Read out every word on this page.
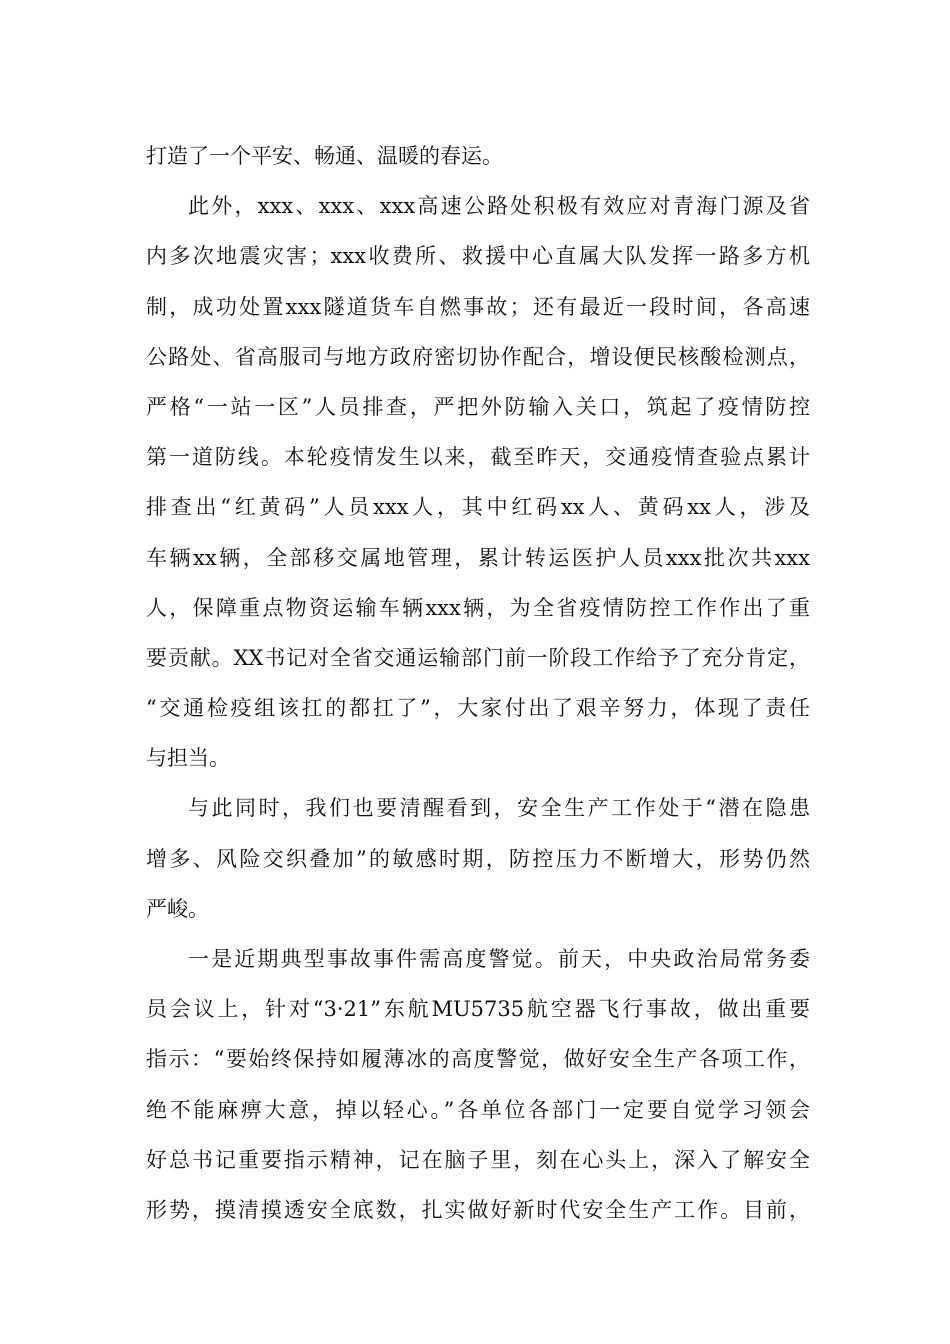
打造了一个平安、畅通、温暖的春运。
此外，xxx、xxx、xxx高速公路处积极有效应对青海门源及省
内多次地震灾害；xxx收费所、救援中心直属大队发挥一路多方机
制，成功处置xxx隧道货车自燃事故；还有最近一段时间，各高速
公路处、省高服司与地方政府密切协作配合，增设便民核酸检测点，
严格“一站一区”人员排查，严把外防输入关口，筑起了疫情防控
第一道防线。本轮疫情发生以来，截至昨天，交通疫情查验点累计
排查出“红黄码”人员xxx人，其中红码xx人、黄码xx人，涉及
车辆xx辆，全部移交属地管理，累计转运医护人员xxx批次共xxx
人，保障重点物资运输车辆xxx辆，为全省疫情防控工作作出了重
要贡献。XX书记对全省交通运输部门前一阶段工作给予了充分肯定，
“交通检疫组该扛的都扛了”，大家付出了艰辛努力，体现了责任
与担当。
与此同时，我们也要清醒看到，安全生产工作处于“潜在隐患
增多、风险交织叠加”的敏感时期，防控压力不断增大，形势仍然
严峻。
一是近期典型事故事件需高度警觉。前天，中央政治局常务委
员会议上，针对“3·21”东航MU5735航空器飞行事故，做出重要
指示：“要始终保持如履薄冰的高度警觉，做好安全生产各项工作，
绝不能麻痹大意，掉以轻心。”各单位各部门一定要自觉学习领会
好总书记重要指示精神，记在脑子里，刻在心头上，深入了解安全
形势，摸清摸透安全底数，扎实做好新时代安全生产工作。目前，
